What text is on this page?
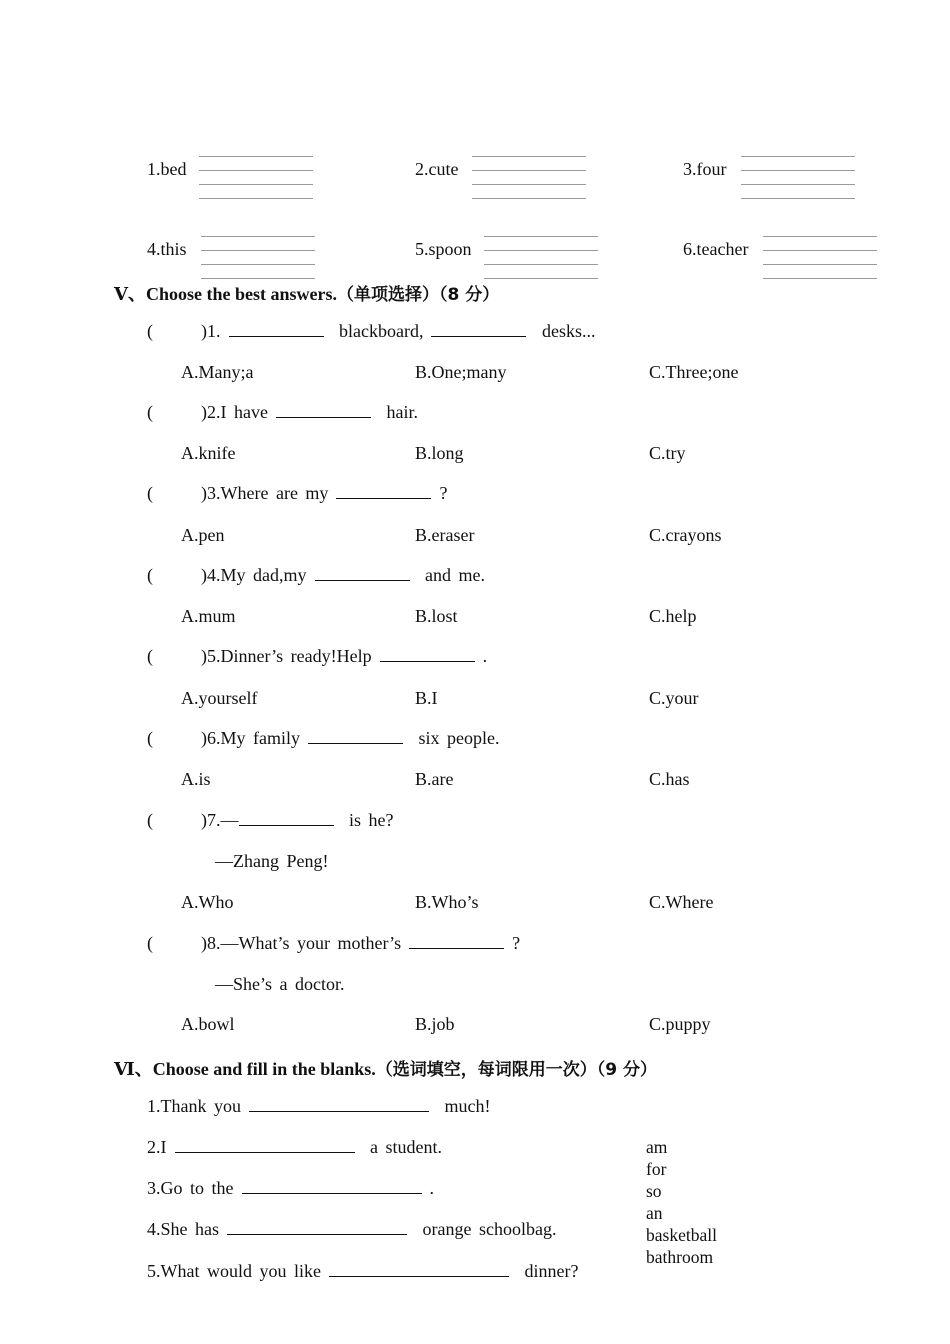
1.bed	2.cute	3.four
4.this	5.spoon	6.teacher
Ⅴ、Choose the best answers.（单项选择）（8 分）
(	)1.	blackboard,	desks...
A.Many;a	B.One;many	C.Three;one
(	)2.I have	hair.
A.knife	B.long	C.try
(	)3.Where are my	?
A.pen	B.eraser	C.crayons
(	)4.My dad,my	and me.
A.mum	B.lost	C.help
(	)5.Dinner’s ready!Help	.
A.yourself	B.I	C.your
(	)6.My family	six people.
A.is	B.are	C.has
(	)7.—	is he?
—Zhang Peng!
A.Who	B.Who’s	C.Where
(	)8.—What’s your mother’s	?
—She’s a doctor.
A.bowl	B.job	C.puppy
Ⅵ、Choose and fill in the blanks.（选词填空，每词限用一次）（9 分）
1.Thank you	much!
2.I	a student.
3.Go to the	.
4.She has	orange schoolbag.
5.What would you like	dinner?
am
for
so
an
basketball
bathroom
